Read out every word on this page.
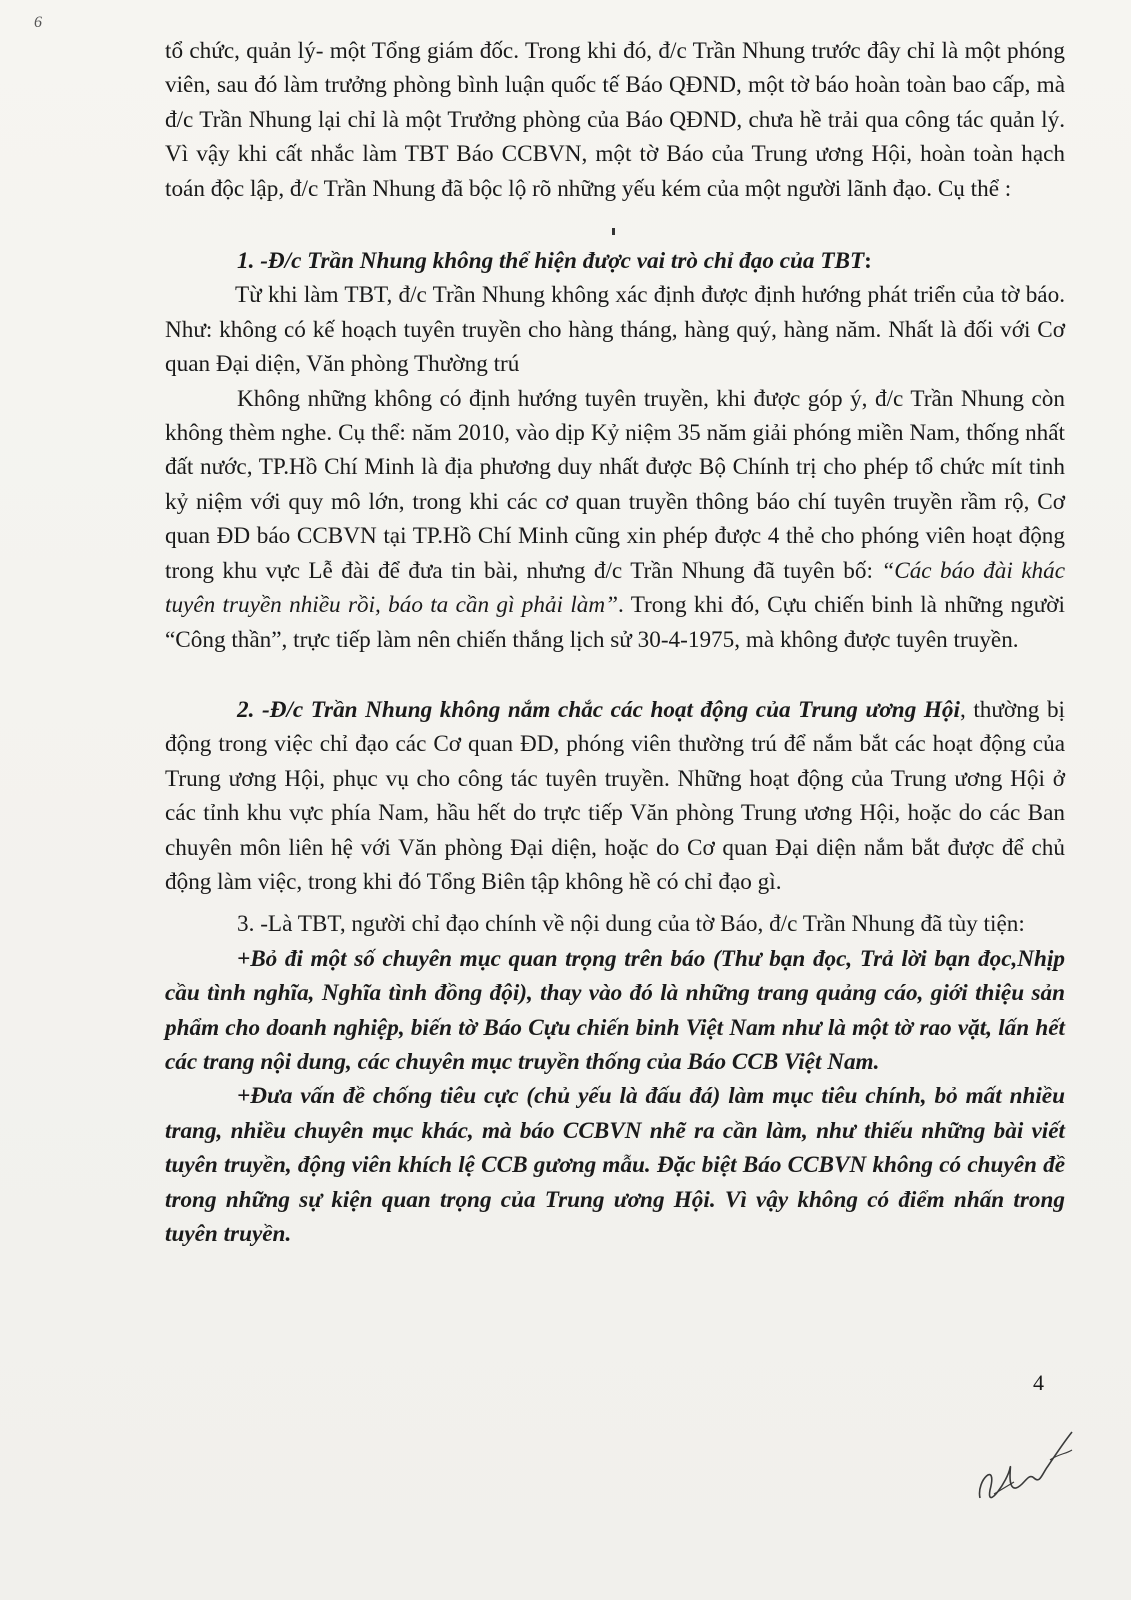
6

tổ chức, quản lý- một Tổng giám đốc. Trong khi đó, đ/c Trần Nhung trước đây chỉ là một phóng viên, sau đó làm trưởng phòng bình luận quốc tế Báo QĐND, một tờ báo hoàn toàn bao cấp, mà đ/c Trần Nhung lại chỉ là một Trưởng phòng của Báo QĐND, chưa hề trải qua công tác quản lý. Vì vậy khi cất nhắc làm TBT Báo CCBVN, một tờ Báo của Trung ương Hội, hoàn toàn hạch toán độc lập, đ/c Trần Nhung đã bộc lộ rõ những yếu kém của một người lãnh đạo. Cụ thể :

1. -Đ/c Trần Nhung không thể hiện được vai trò chỉ đạo của TBT:

Từ khi làm TBT, đ/c Trần Nhung không xác định được định hướng phát triển của tờ báo. Như: không có kế hoạch tuyên truyền cho hàng tháng, hàng quý, hàng năm. Nhất là đối với Cơ quan Đại diện, Văn phòng Thường trú

Không những không có định hướng tuyên truyền, khi được góp ý, đ/c Trần Nhung còn không thèm nghe. Cụ thể: năm 2010, vào dịp Kỷ niệm 35 năm giải phóng miền Nam, thống nhất đất nước, TP.Hồ Chí Minh là địa phương duy nhất được Bộ Chính trị cho phép tổ chức mít tinh kỷ niệm với quy mô lớn, trong khi các cơ quan truyền thông báo chí tuyên truyền rầm rộ, Cơ quan ĐD báo CCBVN tại TP.Hồ Chí Minh cũng xin phép được 4 thẻ cho phóng viên hoạt động trong khu vực Lễ đài để đưa tin bài, nhưng đ/c Trần Nhung đã tuyên bố: “Các báo đài khác tuyên truyền nhiều rồi, báo ta cần gì phải làm”. Trong khi đó, Cựu chiến binh là những người “Công thần”, trực tiếp làm nên chiến thắng lịch sử 30-4-1975, mà không được tuyên truyền.

2. -Đ/c Trần Nhung không nắm chắc các hoạt động của Trung ương Hội, thường bị động trong việc chỉ đạo các Cơ quan ĐD, phóng viên thường trú để nắm bắt các hoạt động của Trung ương Hội, phục vụ cho công tác tuyên truyền. Những hoạt động của Trung ương Hội ở các tỉnh khu vực phía Nam, hầu hết do trực tiếp Văn phòng Trung ương Hội, hoặc do các Ban chuyên môn liên hệ với Văn phòng Đại diện, hoặc do Cơ quan Đại diện nắm bắt được để chủ động làm việc, trong khi đó Tổng Biên tập không hề có chỉ đạo gì.

3. -Là TBT, người chỉ đạo chính về nội dung của tờ Báo, đ/c Trần Nhung đã tùy tiện:

+Bỏ đi một số chuyên mục quan trọng trên báo (Thư bạn đọc, Trả lời bạn đọc,Nhịp cầu tình nghĩa, Nghĩa tình đồng đội), thay vào đó là những trang quảng cáo, giới thiệu sản phẩm cho doanh nghiệp, biến tờ Báo Cựu chiến binh Việt Nam như là một tờ rao vặt, lấn hết các trang nội dung, các chuyên mục truyền thống của Báo CCB Việt Nam.

+Đưa vấn đề chống tiêu cực (chủ yếu là đấu đá) làm mục tiêu chính, bỏ mất nhiều trang, nhiều chuyên mục khác, mà báo CCBVN nhẽ ra cần làm, như thiếu những bài viết tuyên truyền, động viên khích lệ CCB gương mẫu. Đặc biệt Báo CCBVN không có chuyên đề trong những sự kiện quan trọng của Trung ương Hội. Vì vậy không có điểm nhấn trong tuyên truyền.

4
